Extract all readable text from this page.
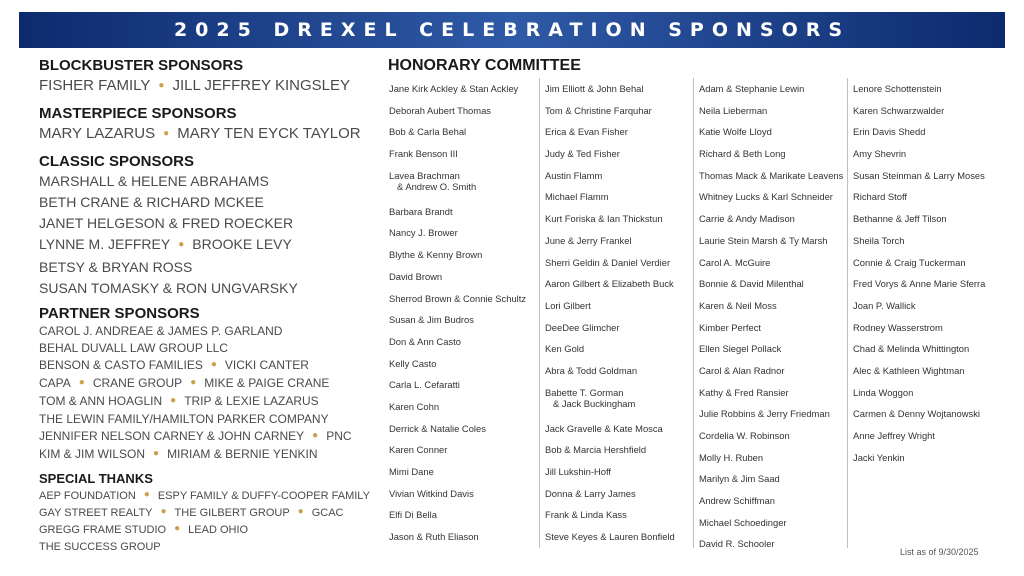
2025 DREXEL CELEBRATION SPONSORS
BLOCKBUSTER SPONSORS
FISHER FAMILY ● JILL JEFFREY KINGSLEY
MASTERPIECE SPONSORS
MARY LAZARUS ● MARY TEN EYCK TAYLOR
CLASSIC SPONSORS
MARSHALL & HELENE ABRAHAMS
BETH CRANE & RICHARD MCKEE
JANET HELGESON & FRED ROECKER
LYNNE M. JEFFREY ● BROOKE LEVY
BETSY & BRYAN ROSS
SUSAN TOMASKY & RON UNGVARSKY
PARTNER SPONSORS
CAROL J. ANDREAE & JAMES P. GARLAND
BEHAL DUVALL LAW GROUP LLC
BENSON & CASTO FAMILIES ● VICKI CANTER
CAPA ● CRANE GROUP ● MIKE & PAIGE CRANE
TOM & ANN HOAGLIN ● TRIP & LEXIE LAZARUS
THE LEWIN FAMILY/HAMILTON PARKER COMPANY
JENNIFER NELSON CARNEY & JOHN CARNEY ● PNC
KIM & JIM WILSON ● MIRIAM & BERNIE YENKIN
SPECIAL THANKS
AEP FOUNDATION ● ESPY FAMILY & DUFFY-COOPER FAMILY
GAY STREET REALTY ● THE GILBERT GROUP ● GCAC
GREGG FRAME STUDIO ● LEAD OHIO
THE SUCCESS GROUP
HONORARY COMMITTEE
Jane Kirk Ackley & Stan Ackley
Deborah Aubert Thomas
Bob & Carla Behal
Frank Benson III
Lavea Brachman

& Andrew O. Smith
Barbara Brandt
Nancy J. Brower
Blythe & Kenny Brown
David Brown
Sherrod Brown & Connie Schultz
Susan & Jim Budros
Don & Ann Casto
Kelly Casto
Carla L. Cefaratti
Karen Cohn
Derrick & Natalie Coles
Karen Conner
Mimi Dane
Vivian Witkind Davis
Elfi Di Bella
Jason & Ruth Eliason
Jim Elliott & John Behal
Tom & Christine Farquhar
Erica & Evan Fisher
Judy & Ted Fisher
Austin Flamm
Michael Flamm
Kurt Foriska & Ian Thickstun
June & Jerry Frankel
Sherri Geldin & Daniel Verdier
Aaron Gilbert & Elizabeth Buck
Lori Gilbert
DeeDee Glimcher
Ken Gold
Abra & Todd Goldman
Babette T. Gorman

& Jack Buckingham
Jack Gravelle & Kate Mosca
Bob & Marcia Hershfield
Jill Lukshin-Hoff
Donna & Larry James
Frank & Linda Kass
Steve Keyes & Lauren Bonfield
Adam & Stephanie Lewin
Neila Lieberman
Katie Wolfe Lloyd
Richard & Beth Long
Thomas Mack & Marikate Leavens
Whitney Lucks & Karl Schneider
Carrie & Andy Madison
Laurie Stein Marsh & Ty Marsh
Carol A. McGuire
Bonnie & David Milenthal
Karen & Neil Moss
Kimber Perfect
Ellen Siegel Pollack
Carol & Alan Radnor
Kathy & Fred Ransier
Julie Robbins & Jerry Friedman
Cordelia W. Robinson
Molly H. Ruben
Marilyn & Jim Saad
Andrew Schiffman
Michael Schoedinger
David R. Schooler
Lenore Schottenstein
Karen Schwarzwalder
Erin Davis Shedd
Amy Shevrin
Susan Steinman & Larry Moses
Richard Stoff
Bethanne & Jeff Tilson
Sheila Torch
Connie & Craig Tuckerman
Fred Vorys & Anne Marie Sferra
Joan P. Wallick
Rodney Wasserstrom
Chad & Melinda Whittington
Alec & Kathleen Wightman
Linda Woggon
Carmen & Denny Wojtanowski
Anne Jeffrey Wright
Jacki Yenkin
List as of 9/30/2025
